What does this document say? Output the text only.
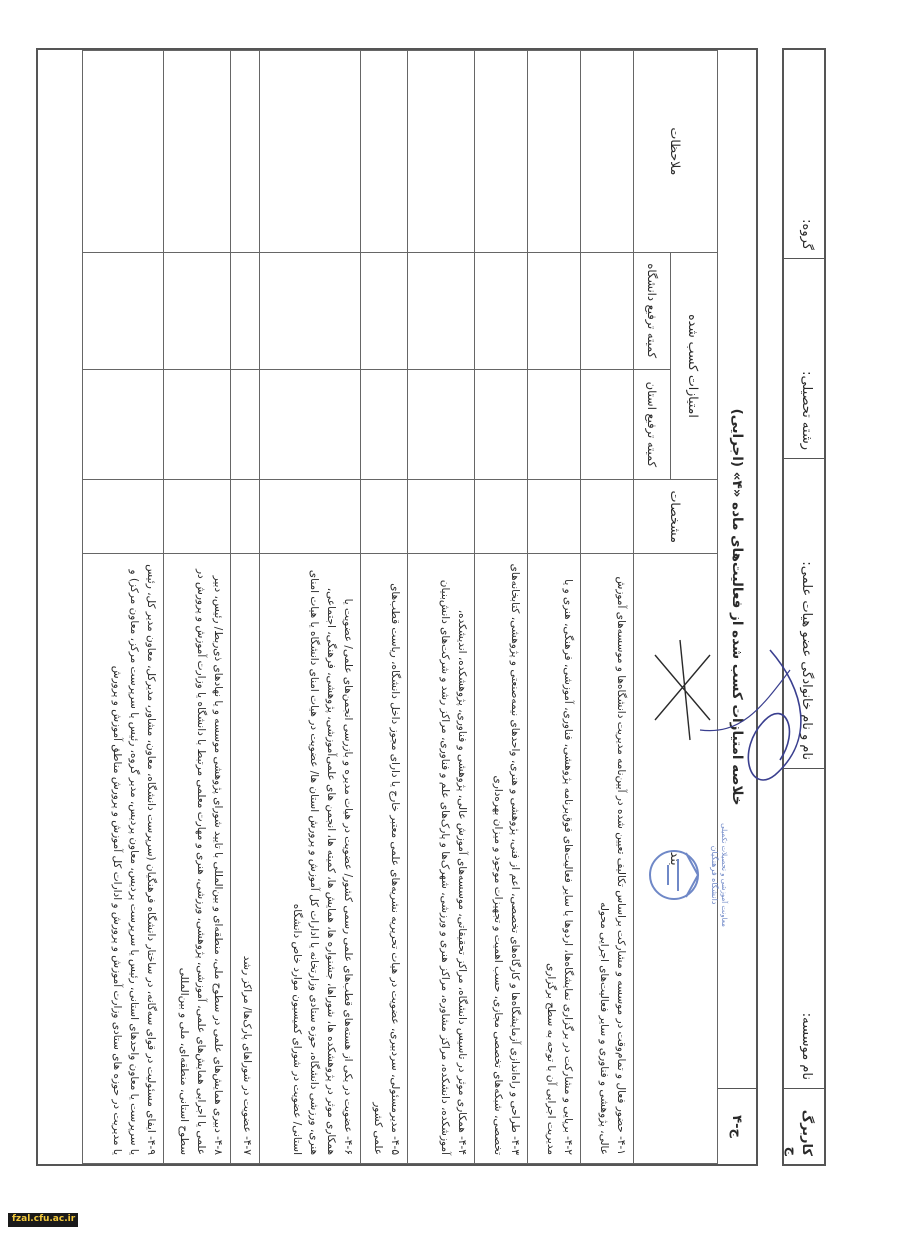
کاربرگ ج
نام موسسه:
نام و نام خانوادگی عضو هیات علمی:
رشته تحصیلی:
گروه:
خلاصه امتیازات کسب شده از فعالیت‌های ماده «۴» (اجرایی)
ج-۴
بند	مشخصات	امتیازات کسب شده		ملاحظات
		کمیته ترفیع استان	کمیته ترفیع دانشگاه	
۴-۱- حضور فعال و تمام‌وقت در موسسه و مشارکت براساس تکالیف تعیین شده در آیین‌نامه مدیریت دانشگاه‌ها و موسسه‌های آموزش عالی، پژوهشی و فناوری و سایر فعالیت‌های اجرایی محوله				
۴-۲- برپایی و مشارکت در برگزاری نمایشگاه‌ها، اردوها یا سایر فعالیت‌های فوق‌برنامه پژوهشی، فناوری، آموزشی، فرهنگی، هنری و یا مدیریت اجرایی آن با توجه به سطح برگزاری				
۴-۳- طراحی و راه‌اندازی آزمایشگاه‌ها و کارگاه‌های تخصصی، اعم از فنی، پژوهشی و هنری، واحدهای نیمه‌صنعتی و پژوهشی، کتابخانه‌های تخصصی، شبکه‌های تخصصی مجازی، حسب اهمیت و تجهیزات موجود و میزان بهره‌داری				
۴-۴- همکاری موثر در تاسیس دانشگاه، مراکز تحقیقاتی، موسسه‌های آموزش عالی، پژوهشی و فناوری، پژوهشکده، اندیشکده، آموزشکده، دانشکده، مراکز مشاوره، مراکز هنری و ورزشی، شهرک‌ها و پارک‌های علم و فناوری، مراکز رشد و شرکت‌های دانش‌بنیان				
۴-۵- مدیرمسئولی، سردبیری، عضویت در هیات تحریریه نشریه‌های علمی معتبر خارج یا دارای مجوز داخل دانشگاه، ریاست قطب‌های علمی کشور				
۴-۶- عضویت در یکی از هسته‌های قطب‌های علمی رسمی کشور/ عضویت در هیات مدیره و بازرسی انجمن‌های علمی/ عضویت یا همکاری موثر در پژوهشکده ها، شوراها، جشنواره ها، همایش ها، کمیته ها، انجمن های علمی‌آموزشی، پژوهشی، فرهنگی، اجتماعی، هنری، ورزشی دانشگاه، حوزه ستادی وزارتخانه یا ادارات کل آموزش و پرورش استان ها/ عضویت در هیات امنای دانشگاه یا هیات امنای استانی/ عضویت در شورای کمیسیون موارد خاص دانشگاه				
۴-۷- عضویت در شوراهای پارک‌ها/ مراکز رشد				
۴-۸- دبیری همایش‌های علمی در سطوح ملی، منطقه‌ای و بین‌المللی با تایید شورای پژوهشی موسسه و یا نهادهای ذی‌ربط/ رئیس، دبیر علمی یا اجرایی همایش‌های علمی، آموزشی، پژوهشی، ورزشی، هنری و مهارت معلمی مرتبط با دانشگاه یا وزارت آموزش و پرورش در سطوح استانی، منطقه‌ای، ملی و بین‌المللی				
۴-۹- ایفای مسئولیت در قوای سه‌گانه، در ساختار دانشگاه فرهنگیان (سرپرست دانشگاه، معاون، مشاور، مدیرکل، معاون مدیر کل، رئیس یا سرپرست یا معاون واحدهای استانی، رئیس یا سرپرست پردیس، معاون پردیس، مدیر گروه، رئیس یا سرپرست مرکز، معاون مرکز) و یا مدیریت در حوزه های ستادی وزارت آموزش و پرورش و ادارات کل آموزش و پرورش مناطق آموزش و پرورش					دانشگاه فرهنگیان معاونت آموزشی و تحصیلات تکمیلی
fzal.cfu.ac.ir
